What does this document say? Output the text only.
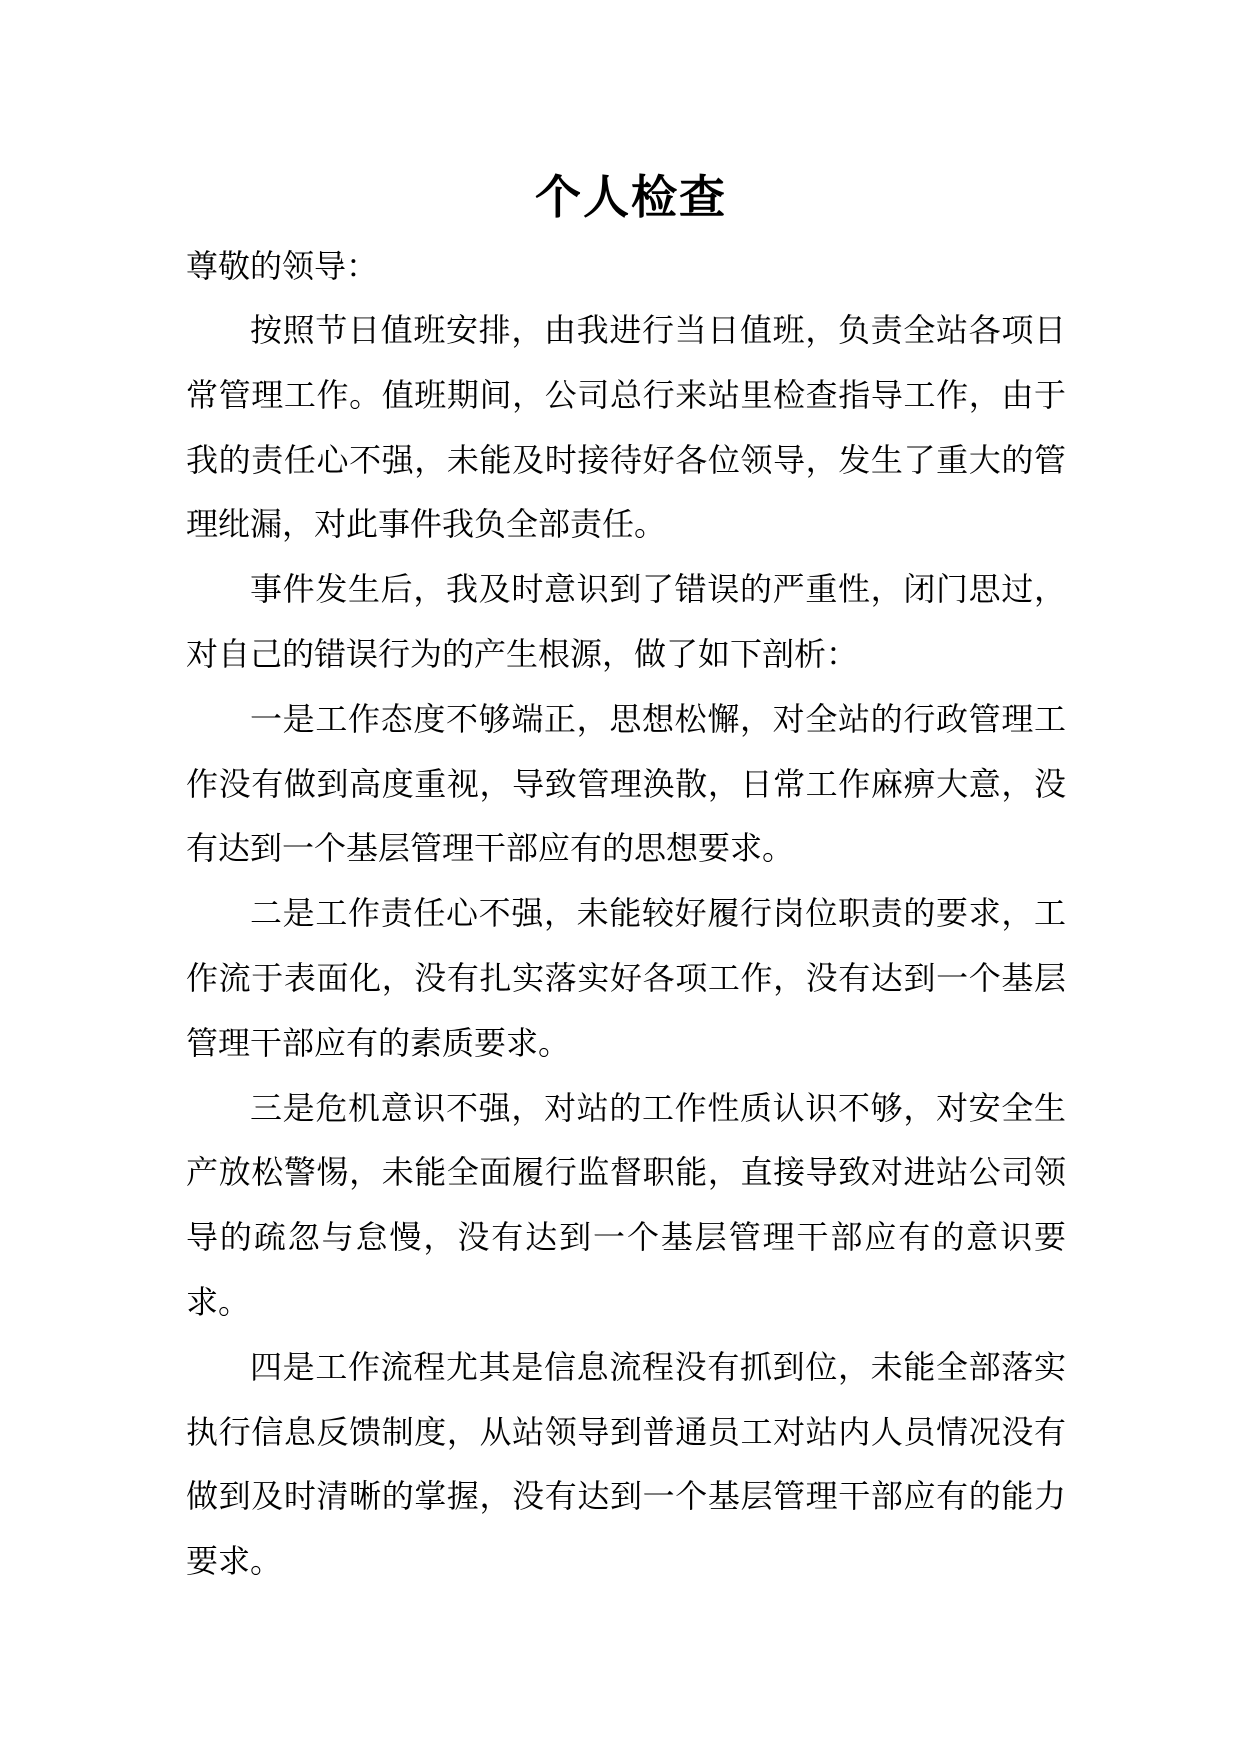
个人检查

尊敬的领导：

按照节日值班安排，由我进行当日值班，负责全站各项日常管理工作。值班期间，公司总行来站里检查指导工作，由于我的责任心不强，未能及时接待好各位领导，发生了重大的管理纰漏，对此事件我负全部责任。

事件发生后，我及时意识到了错误的严重性，闭门思过，对自己的错误行为的产生根源，做了如下剖析：

一是工作态度不够端正，思想松懈，对全站的行政管理工作没有做到高度重视，导致管理涣散，日常工作麻痹大意，没有达到一个基层管理干部应有的思想要求。

二是工作责任心不强，未能较好履行岗位职责的要求，工作流于表面化，没有扎实落实好各项工作，没有达到一个基层管理干部应有的素质要求。

三是危机意识不强，对站的工作性质认识不够，对安全生产放松警惕，未能全面履行监督职能，直接导致对进站公司领导的疏忽与怠慢，没有达到一个基层管理干部应有的意识要求。

四是工作流程尤其是信息流程没有抓到位，未能全部落实执行信息反馈制度，从站领导到普通员工对站内人员情况没有做到及时清晰的掌握，没有达到一个基层管理干部应有的能力要求。
